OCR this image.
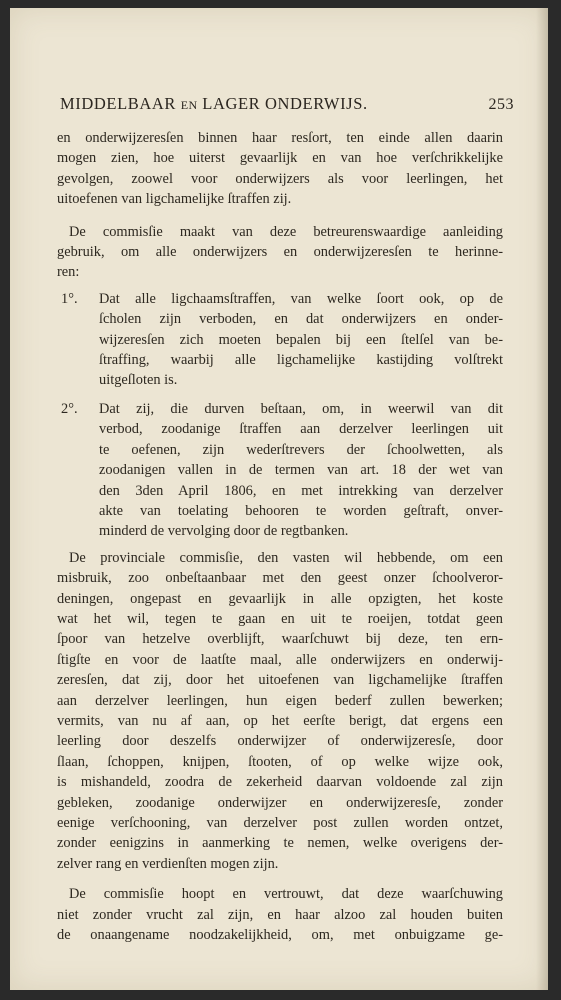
MIDDELBAAR EN LAGER ONDERWIJS.	253
en onderwijzeresſen binnen haar resſort, ten einde allen daarin
mogen zien, hoe uiterst gevaarlijk en van hoe verſchrikkelijke
gevolgen, zoowel voor onderwijzers als voor leerlingen, het
uitoefenen van ligchamelijke ſtraffen zij.
De commisſie maakt van deze betreurenswaardige aanleiding
gebruik, om alle onderwijzers en onderwijzeresſen te herinne-
ren:
1°. Dat alle ligchaamsſtraffen, van welke ſoort ook, op de
ſcholen zijn verboden, en dat onderwijzers en onder-
wijzeresſen zich moeten bepalen bij een ſtelſel van be-
ſtraffing, waarbij alle ligchamelijke kastijding volſtrekt
uitgeſloten is.
2°. Dat zij, die durven beſtaan, om, in weerwil van dit
verbod, zoodanige ſtraffen aan derzelver leerlingen uit
te oefenen, zijn wederſtrevers der ſchoolwetten, als
zoodanigen vallen in de termen van art. 18 der wet van
den 3den April 1806, en met intrekking van derzelver
akte van toelating behooren te worden geſtraft, onver-
minderd de vervolging door de regtbanken.
De provinciale commisſie, den vasten wil hebbende, om een
misbruik, zoo onbeſtaanbaar met den geest onzer ſchoolveror-
deningen, ongepast en gevaarlijk in alle opzigten, het koste
wat het wil, tegen te gaan en uit te roeijen, totdat geen
ſpoor van hetzelve overblijft, waarſchuwt bij deze, ten ern-
ſtigſte en voor de laatſte maal, alle onderwijzers en onderwij-
zeresſen, dat zij, door het uitoefenen van ligchamelijke ſtraffen
aan derzelver leerlingen, hun eigen bederf zullen bewerken;
vermits, van nu af aan, op het eerſte berigt, dat ergens een
leerling door deszelfs onderwijzer of onderwijzeresſe, door
ſlaan, ſchoppen, knijpen, ſtooten, of op welke wijze ook,
is mishandeld, zoodra de zekerheid daarvan voldoende zal zijn
gebleken, zoodanige onderwijzer en onderwijzeresſe, zonder
eenige verſchooning, van derzelver post zullen worden ontzet,
zonder eenigzins in aanmerking te nemen, welke overigens der-
zelver rang en verdienſten mogen zijn.
De commisſie hoopt en vertrouwt, dat deze waarſchuwing
niet zonder vrucht zal zijn, en haar alzoo zal houden buiten
de onaangename noodzakelijkheid, om, met onbuigzame ge-
